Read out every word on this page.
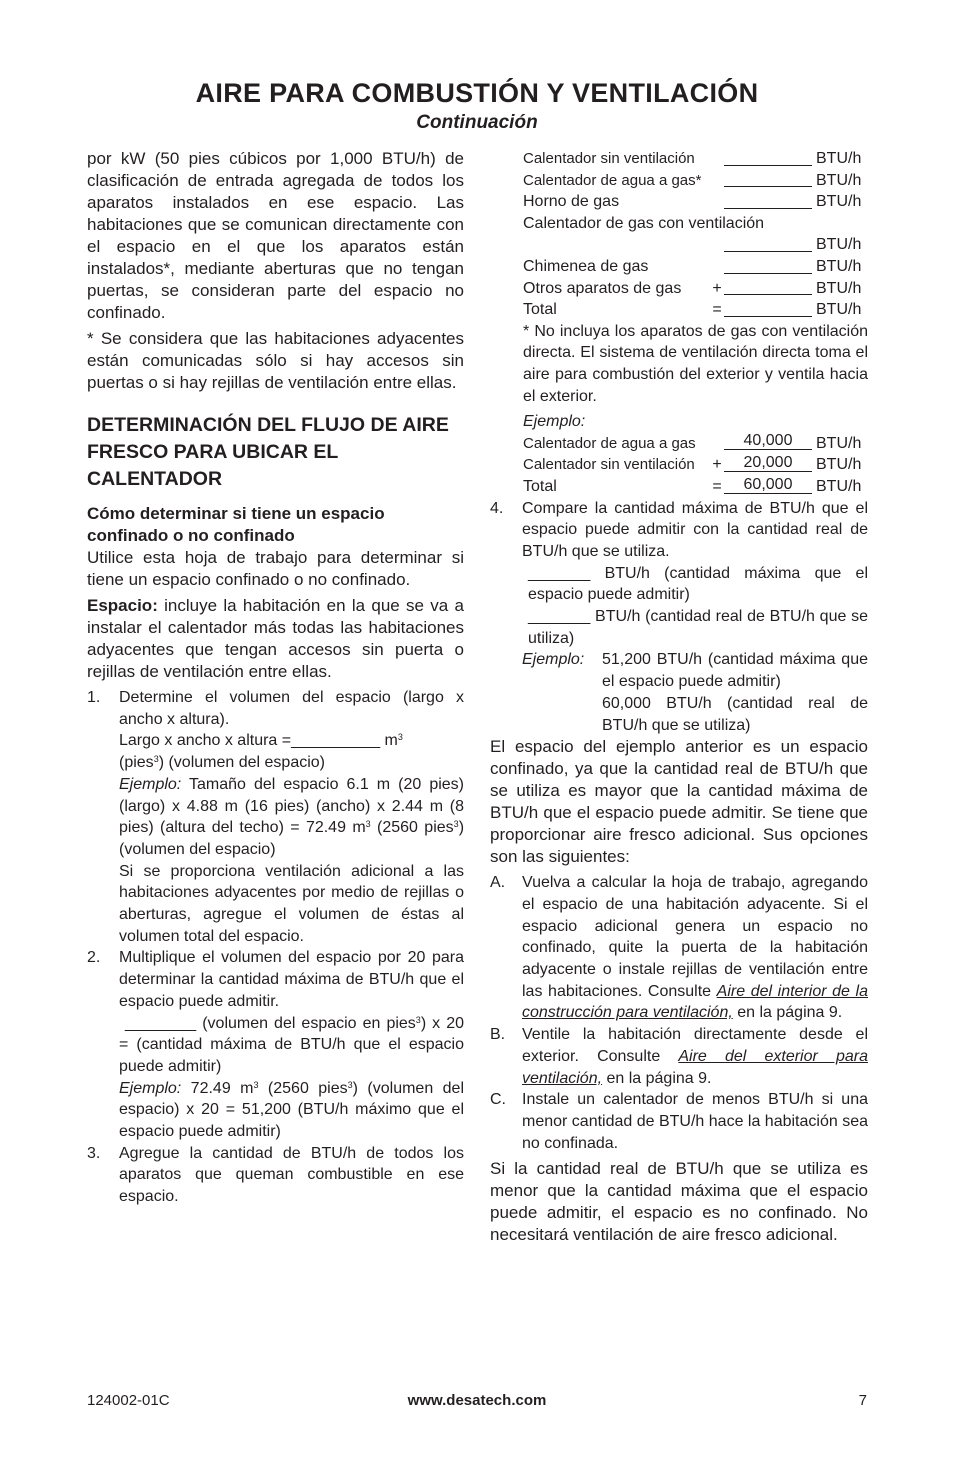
AIRE PARA COMBUSTIÓN Y VENTILACIÓN
Continuación

por kW (50 pies cúbicos por 1,000 BTU/h) de clasificación de entrada agregada de todos los aparatos instalados en ese espacio. Las habitaciones que se comunican directamente con el espacio en el que los aparatos están instalados*, mediante aberturas que no tengan puertas, se consideran parte del espacio no confinado.

* Se considera que las habitaciones adyacentes están comunicadas sólo si hay accesos sin puertas o si hay rejillas de ventilación entre ellas.

DETERMINACIÓN DEL FLUJO DE AIRE FRESCO PARA UBICAR EL CALENTADOR
Cómo determinar si tiene un espacio confinado o no confinado

Utilice esta hoja de trabajo para determinar si tiene un espacio confinado o no confinado.

Espacio: incluye la habitación en la que se va a instalar el calentador más todas las habitaciones adyacentes que tengan accesos sin puerta o rejillas de ventilación entre ellas.

1.	Determine el volumen del espacio (largo x ancho x altura).

Largo x ancho x altura =__________ $m^3$
(pies$^3$) (volumen del espacio)

Ejemplo: Tamaño del espacio 6.1 m (20 pies) (largo) x 4.88 m (16 pies) (ancho) x 2.44 m (8 pies) (altura del techo) = 72.49 $m^3$ (2560 pies$^3$) (volumen del espacio)

Si se proporciona ventilación adicional a las habitaciones adyacentes por medio de rejillas o aberturas, agregue el volumen de éstas al volumen total del espacio.

2.	Multiplique el volumen del espacio por 20 para determinar la cantidad máxima de BTU/h que el espacio puede admitir.

________ (volumen del espacio en pies$^3$) x 20 = (cantidad máxima de BTU/h que el espacio puede admitir)

Ejemplo: 72.49 $m^3$ (2560 pies$^3$) (volumen del espacio) x 20 = 51,200 (BTU/h máximo que el espacio puede admitir)

3.	Agregue la cantidad de BTU/h de todos los aparatos que queman combustible en ese espacio.

Calentador sin ventilación	BTU/h
Calentador de agua a gas*	BTU/h
Horno de gas	BTU/h
Calentador de gas con ventilación
BTU/h
Chimenea de gas	BTU/h
Otros aparatos de gas	+	BTU/h
Total	=	BTU/h

* No incluya los aparatos de gas con ventilación directa. El sistema de ventilación directa toma el aire para combustión del exterior y ventila hacia el exterior.

Ejemplo:
Calentador de agua a gas	40,000	BTU/h
Calentador sin ventilación	+	20,000	BTU/h
Total	=	60,000	BTU/h
4.	Compare la cantidad máxima de BTU/h que el espacio puede admitir con la cantidad real de BTU/h que se utiliza.

_______ BTU/h (cantidad máxima que el espacio puede admitir)

_______ BTU/h (cantidad real de BTU/h que se utiliza)

Ejemplo:	51,200 BTU/h (cantidad máxima que el espacio puede admitir)

60,000 BTU/h (cantidad real de BTU/h que se utiliza)

El espacio del ejemplo anterior es un espacio confinado, ya que la cantidad real de BTU/h que se utiliza es mayor que la cantidad máxima de BTU/h que el espacio puede admitir. Se tiene que proporcionar aire fresco adicional. Sus opciones son las siguientes:

A.	Vuelva a calcular la hoja de trabajo, agregando el espacio de una habitación adyacente. Si el espacio adicional genera un espacio no confinado, quite la puerta de la habitación adyacente o instale rejillas de ventilación entre las habitaciones. Consulte Aire del interior de la construcción para ventilación, en la página 9.

B.	Ventile la habitación directamente desde el exterior. Consulte Aire del exterior para ventilación, en la página 9.

C.	Instale un calentador de menos BTU/h si una menor cantidad de BTU/h hace la habitación sea no confinada.

Si la cantidad real de BTU/h que se utiliza es menor que la cantidad máxima que el espacio puede admitir, el espacio es no confinado. No necesitará ventilación de aire fresco adicional.

124002-01C	www.desatech.com	7
